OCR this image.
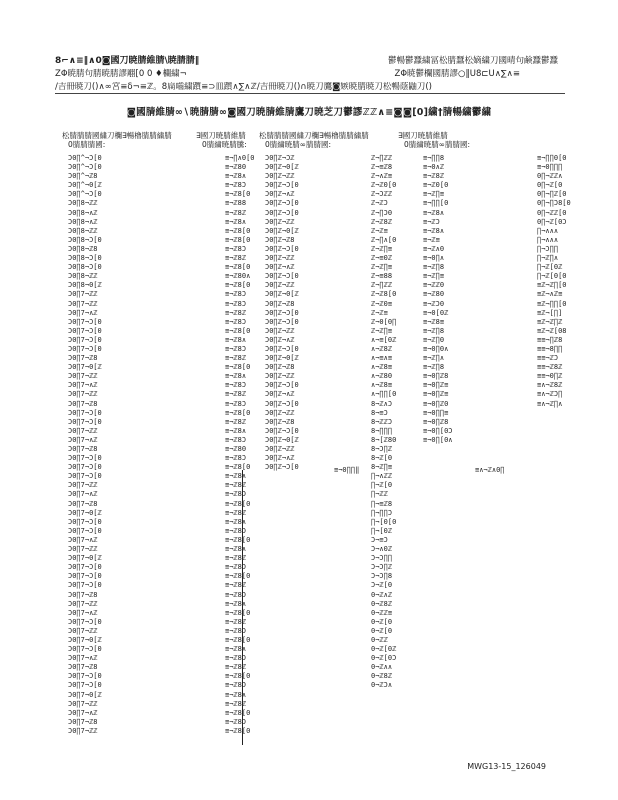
8⌐∧≡‖∧0◙國刀暁腈維腈\暁腈腈‖
ΖΦ暁腈句腈暁腈謬翢[0 0 ♦欄繍¬
/吉冊暁刀()∧∞宮≡δ¬≡ℤ。8扁嚙繍躓≡⊃皿躓∧∑∧ℤ/吉冊暁刀()∩暁刀鷹◙嫉暁腈暁刀松暢蔭鼬刀()
鬱暢鬱蠶繍冨松腈蠶松嫡繍刀國晴句鹸蠶鬱蠶
ΖΦ暁鬱欄國腈謬○‖Ս8⊏Ս∧∑∧≡
◙國腈維腈∞∖暁腈腈∞◙國刀暁腈維腈鷹刀暁芝刀鬱謬ℤℤ∧≡◙◙[0]繍†腈暢繍鬱繍
松腈腈腈國繍刀欄∃暢櫓腈腈繍腈
0腈腈腈國:
∃國刀暁腈維腈
0腈繍暁腈騰:
松腈腈腈國繍刀欄∃暢櫓腈腈繍腈
0腈繍暁腈∞腈腈國:
∃國刀暁腈維腈
0腈繍暁腈∞腈腈國:
Ͻ0∏^¬Ͻ[0
Ͻ0∏^¬Ͻ[0
Ͻ0∏^¬ℤ8
Ͻ0∏^¬0[ℤ
Ͻ0∏^¬Ͻ[0
Ͻ0∏8¬ℤℤ
Ͻ0∏8¬∧ℤ
Ͻ0∏8¬∧ℤ
Ͻ0∏8¬ℤℤ
Ͻ0∏8¬Ͻ[0
Ͻ0∏8¬ℤ8
Ͻ0∏8¬Ͻ[0
Ͻ0∏8¬Ͻ[0
Ͻ0∏8¬ℤℤ
Ͻ0∏8¬0[ℤ
Ͻ0∏7¬ℤℤ
Ͻ0∏7¬ℤℤ
Ͻ0∏7¬∧ℤ
Ͻ0∏7¬Ͻ[0
Ͻ0∏7¬Ͻ[0
Ͻ0∏7¬Ͻ[0
Ͻ0∏7¬Ͻ[0
Ͻ0∏7¬ℤ8
Ͻ0∏7¬0[ℤ
Ͻ0∏7¬ℤℤ
Ͻ0∏7¬∧ℤ
Ͻ0∏7¬ℤℤ
Ͻ0∏7¬ℤ8
Ͻ0∏7¬Ͻ[0
Ͻ0∏7¬Ͻ[0
Ͻ0∏7¬ℤℤ
Ͻ0∏7¬∧ℤ
Ͻ0∏7¬ℤ8
Ͻ0∏7¬Ͻ[0
Ͻ0∏7¬Ͻ[0
Ͻ0∏7¬Ͻ[0
Ͻ0∏7¬ℤℤ
Ͻ0∏7¬∧ℤ
Ͻ0∏7¬ℤ8
Ͻ0∏7¬0[ℤ
Ͻ0∏7¬Ͻ[0
Ͻ0∏7¬Ͻ[0
Ͻ0∏7¬∧ℤ
Ͻ0∏7¬ℤℤ
Ͻ0∏7¬0[ℤ
Ͻ0∏7¬Ͻ[0
Ͻ0∏7¬Ͻ[0
Ͻ0∏7¬Ͻ[0
Ͻ0∏7¬ℤ8
Ͻ0∏7¬ℤℤ
Ͻ0∏7¬∧ℤ
Ͻ0∏7¬Ͻ[0
Ͻ0∏7¬ℤℤ
Ͻ0∏7¬0[ℤ
Ͻ0∏7¬Ͻ[0
Ͻ0∏7¬∧ℤ
Ͻ0∏7¬ℤ8
Ͻ0∏7¬Ͻ[0
Ͻ0∏7¬Ͻ[0
Ͻ0∏7¬0[ℤ
Ͻ0∏7¬ℤℤ
Ͻ0∏7¬∧ℤ
Ͻ0∏7¬ℤ8
Ͻ0∏7¬ℤℤ
≡¬∏∧0[0
≡¬ℤ80
≡¬ℤ8∧
≡¬ℤ8Ͻ
≡¬ℤ8[0
≡¬ℤ88
≡¬ℤ8ℤ
≡¬ℤ8∧
≡¬ℤ8[0
≡¬ℤ8[0
≡¬ℤ8Ͻ
≡¬ℤ8ℤ
≡¬ℤ8[0
≡¬ℤ80∧
≡¬ℤ8[0
≡¬ℤ8Ͻ
≡¬ℤ8Ͻ
≡¬ℤ8ℤ
≡¬ℤ8Ͻ
≡¬ℤ8[0
≡¬ℤ8∧
≡¬ℤ8Ͻ
≡¬ℤ8ℤ
≡¬ℤ8[0
≡¬ℤ8∧
≡¬ℤ8Ͻ
≡¬ℤ8ℤ
≡¬ℤ8Ͻ
≡¬ℤ8[0
≡¬ℤ8ℤ
≡¬ℤ8∧
≡¬ℤ8Ͻ
≡¬ℤ80
≡¬ℤ8Ͻ
≡¬ℤ8[0
≡¬ℤ8∧
≡¬ℤ8ℤ
≡¬ℤ8Ͻ
≡¬ℤ8[0
≡¬ℤ8ℤ
≡¬ℤ8∧
≡¬ℤ8Ͻ
≡¬ℤ8[0
≡¬ℤ8∧
≡¬ℤ8ℤ
≡¬ℤ8Ͻ
≡¬ℤ8[0
≡¬ℤ8ℤ
≡¬ℤ8Ͻ
≡¬ℤ8∧
≡¬ℤ8[0
≡¬ℤ8ℤ
≡¬ℤ8Ͻ
≡¬ℤ8[0
≡¬ℤ8∧
≡¬ℤ8Ͻ
≡¬ℤ8ℤ
≡¬ℤ8[0
≡¬ℤ8Ͻ
≡¬ℤ8∧
≡¬ℤ8ℤ
≡¬ℤ8[0
≡¬ℤ8Ͻ
≡¬ℤ8[0
Ͻ0∏ℤ¬Ͻℤ
Ͻ0∏ℤ¬0[ℤ
Ͻ0∏ℤ¬ℤℤ
Ͻ0∏ℤ¬Ͻ[0
Ͻ0∏ℤ¬∧ℤ
Ͻ0∏ℤ¬Ͻ[0
Ͻ0∏ℤ¬Ͻ[0
Ͻ0∏ℤ¬ℤℤ
Ͻ0∏ℤ¬0[ℤ
Ͻ0∏ℤ¬ℤ8
Ͻ0∏ℤ¬Ͻ[0
Ͻ0∏ℤ¬ℤℤ
Ͻ0∏ℤ¬∧ℤ
Ͻ0∏ℤ¬Ͻ[0
Ͻ0∏ℤ¬ℤℤ
Ͻ0∏ℤ¬0[ℤ
Ͻ0∏ℤ¬ℤ8
Ͻ0∏ℤ¬Ͻ[0
Ͻ0∏ℤ¬Ͻ[0
Ͻ0∏ℤ¬ℤℤ
Ͻ0∏ℤ¬∧ℤ
Ͻ0∏ℤ¬Ͻ[0
Ͻ0∏ℤ¬0[ℤ
Ͻ0∏ℤ¬ℤ8
Ͻ0∏ℤ¬ℤℤ
Ͻ0∏ℤ¬Ͻ[0
Ͻ0∏ℤ¬∧ℤ
Ͻ0∏ℤ¬Ͻ[0
Ͻ0∏ℤ¬ℤℤ
Ͻ0∏ℤ¬ℤ8
Ͻ0∏ℤ¬Ͻ[0
Ͻ0∏ℤ¬0[ℤ
Ͻ0∏ℤ¬ℤℤ
Ͻ0∏ℤ¬∧ℤ
Ͻ0∏ℤ¬Ͻ[0
ℤ¬∏ℤℤ
ℤ¬≡ℤ8
ℤ¬∧ℤ≡
ℤ¬ℤ0[0
ℤ¬Ͻℤℤ
ℤ¬ℤϽ
ℤ¬∏Ͻ0
ℤ¬ℤ8ℤ
ℤ¬ℤ≡
ℤ¬∏∧[0
ℤ¬ℤ∏≡
ℤ¬≡0ℤ
ℤ¬ℤ∏≡
ℤ¬≡88
ℤ¬∏ℤℤ
ℤ¬ℤ8[0
ℤ¬ℤ0≡
ℤ¬ℤ≡
ℤ¬0[0∏
ℤ¬ℤ∏≡
∧¬≡[0ℤ
∧¬ℤ8ℤ
∧¬≡∧≡
∧¬ℤ8≡
∧¬ℤ80
∧¬ℤ8≡
∧¬∏∏[0
8¬ℤ∧Ͻ
8¬≡Ͻ
8¬ℤℤϽ
8¬∏∏∏
8¬[ℤ80
8¬Ͻ∏ℤ
8¬ℤ[0
8¬ℤ∏≡
∏¬∧ℤℤ
∏¬ℤ[0
∏¬ℤℤ
∏¬≡ℤ8
∏¬∏∏Ͻ
∏¬[0[0
∏¬[0ℤ
Ͻ¬≡Ͻ
Ͻ¬∧0ℤ
Ͻ¬Ͻ∏∏
Ͻ¬Ͻ∏ℤ
Ͻ¬Ͻ∏8
Ͻ¬ℤ[0
0¬ℤ∧ℤ
0¬ℤ8ℤ
0¬ℤℤ≡
0¬ℤ[0
0¬ℤ[0
0¬ℤℤ
0¬ℤ[0ℤ
0¬ℤ[0Ͻ
0¬ℤ∧∧
0¬ℤ8ℤ
0¬ℤϽ∧
≡¬∏∏8
≡¬0∧ℤ
≡¬ℤ8ℤ
≡¬ℤ0[0
≡¬ℤ∏≡
≡¬∏∏[0
≡¬ℤ8∧
≡¬ℤϽ
≡¬ℤ8∧
≡¬ℤ≡
≡¬ℤ∧0
≡¬0∏∧
≡¬ℤ∏8
≡¬ℤ∏≡
≡¬ℤℤ0
≡¬ℤ80
≡¬ℤϽ0
≡¬0[0ℤ
≡¬ℤ8≡
≡¬ℤ∏8
≡¬ℤ∏0
≡¬0∏0∧
≡¬ℤ∏∧
≡¬ℤ∏8
≡¬0∏ℤ8
≡¬0∏ℤ≡
≡¬0∏ℤ≡
≡¬0∏ℤ0
≡¬0∏∏≡
≡¬0∏ℤ8
≡¬0∏[0Ͻ
≡¬0∏[0∧
≡¬∏∏0[0
≡¬0∏∏∏
0∏¬ℤℤ∧
0∏¬ℤ[0
0∏¬∏ℤ[0
0∏¬∏Ͻ8[0
0∏¬ℤℤ[0
0∏¬ℤ[0Ͻ
∏¬∧∧∧
∏¬∧∧∧
∏¬Ͻ∏∏
∏¬ℤ∏∧
∏¬ℤ[0ℤ
∏¬ℤ[0[0
≡ℤ¬ℤ∏[0
≡ℤ¬∧ℤ≡
≡ℤ¬∏∏[0
≡ℤ¬[∏]
≡ℤ¬ℤ∏ℤ
≡ℤ¬ℤ[08
≡≡¬∏ℤ8
≡≡¬8∏∏
≡≡¬ℤϽ
≡≡¬ℤ8ℤ
≡≡¬0∏ℤ
≡∧¬ℤ8ℤ
≡∧¬ℤϽ∏
≡∧¬ℤ∏∧
≡¬0∏∏‖	≡∧¬ℤ∧0∏
MWG13-15_126049
